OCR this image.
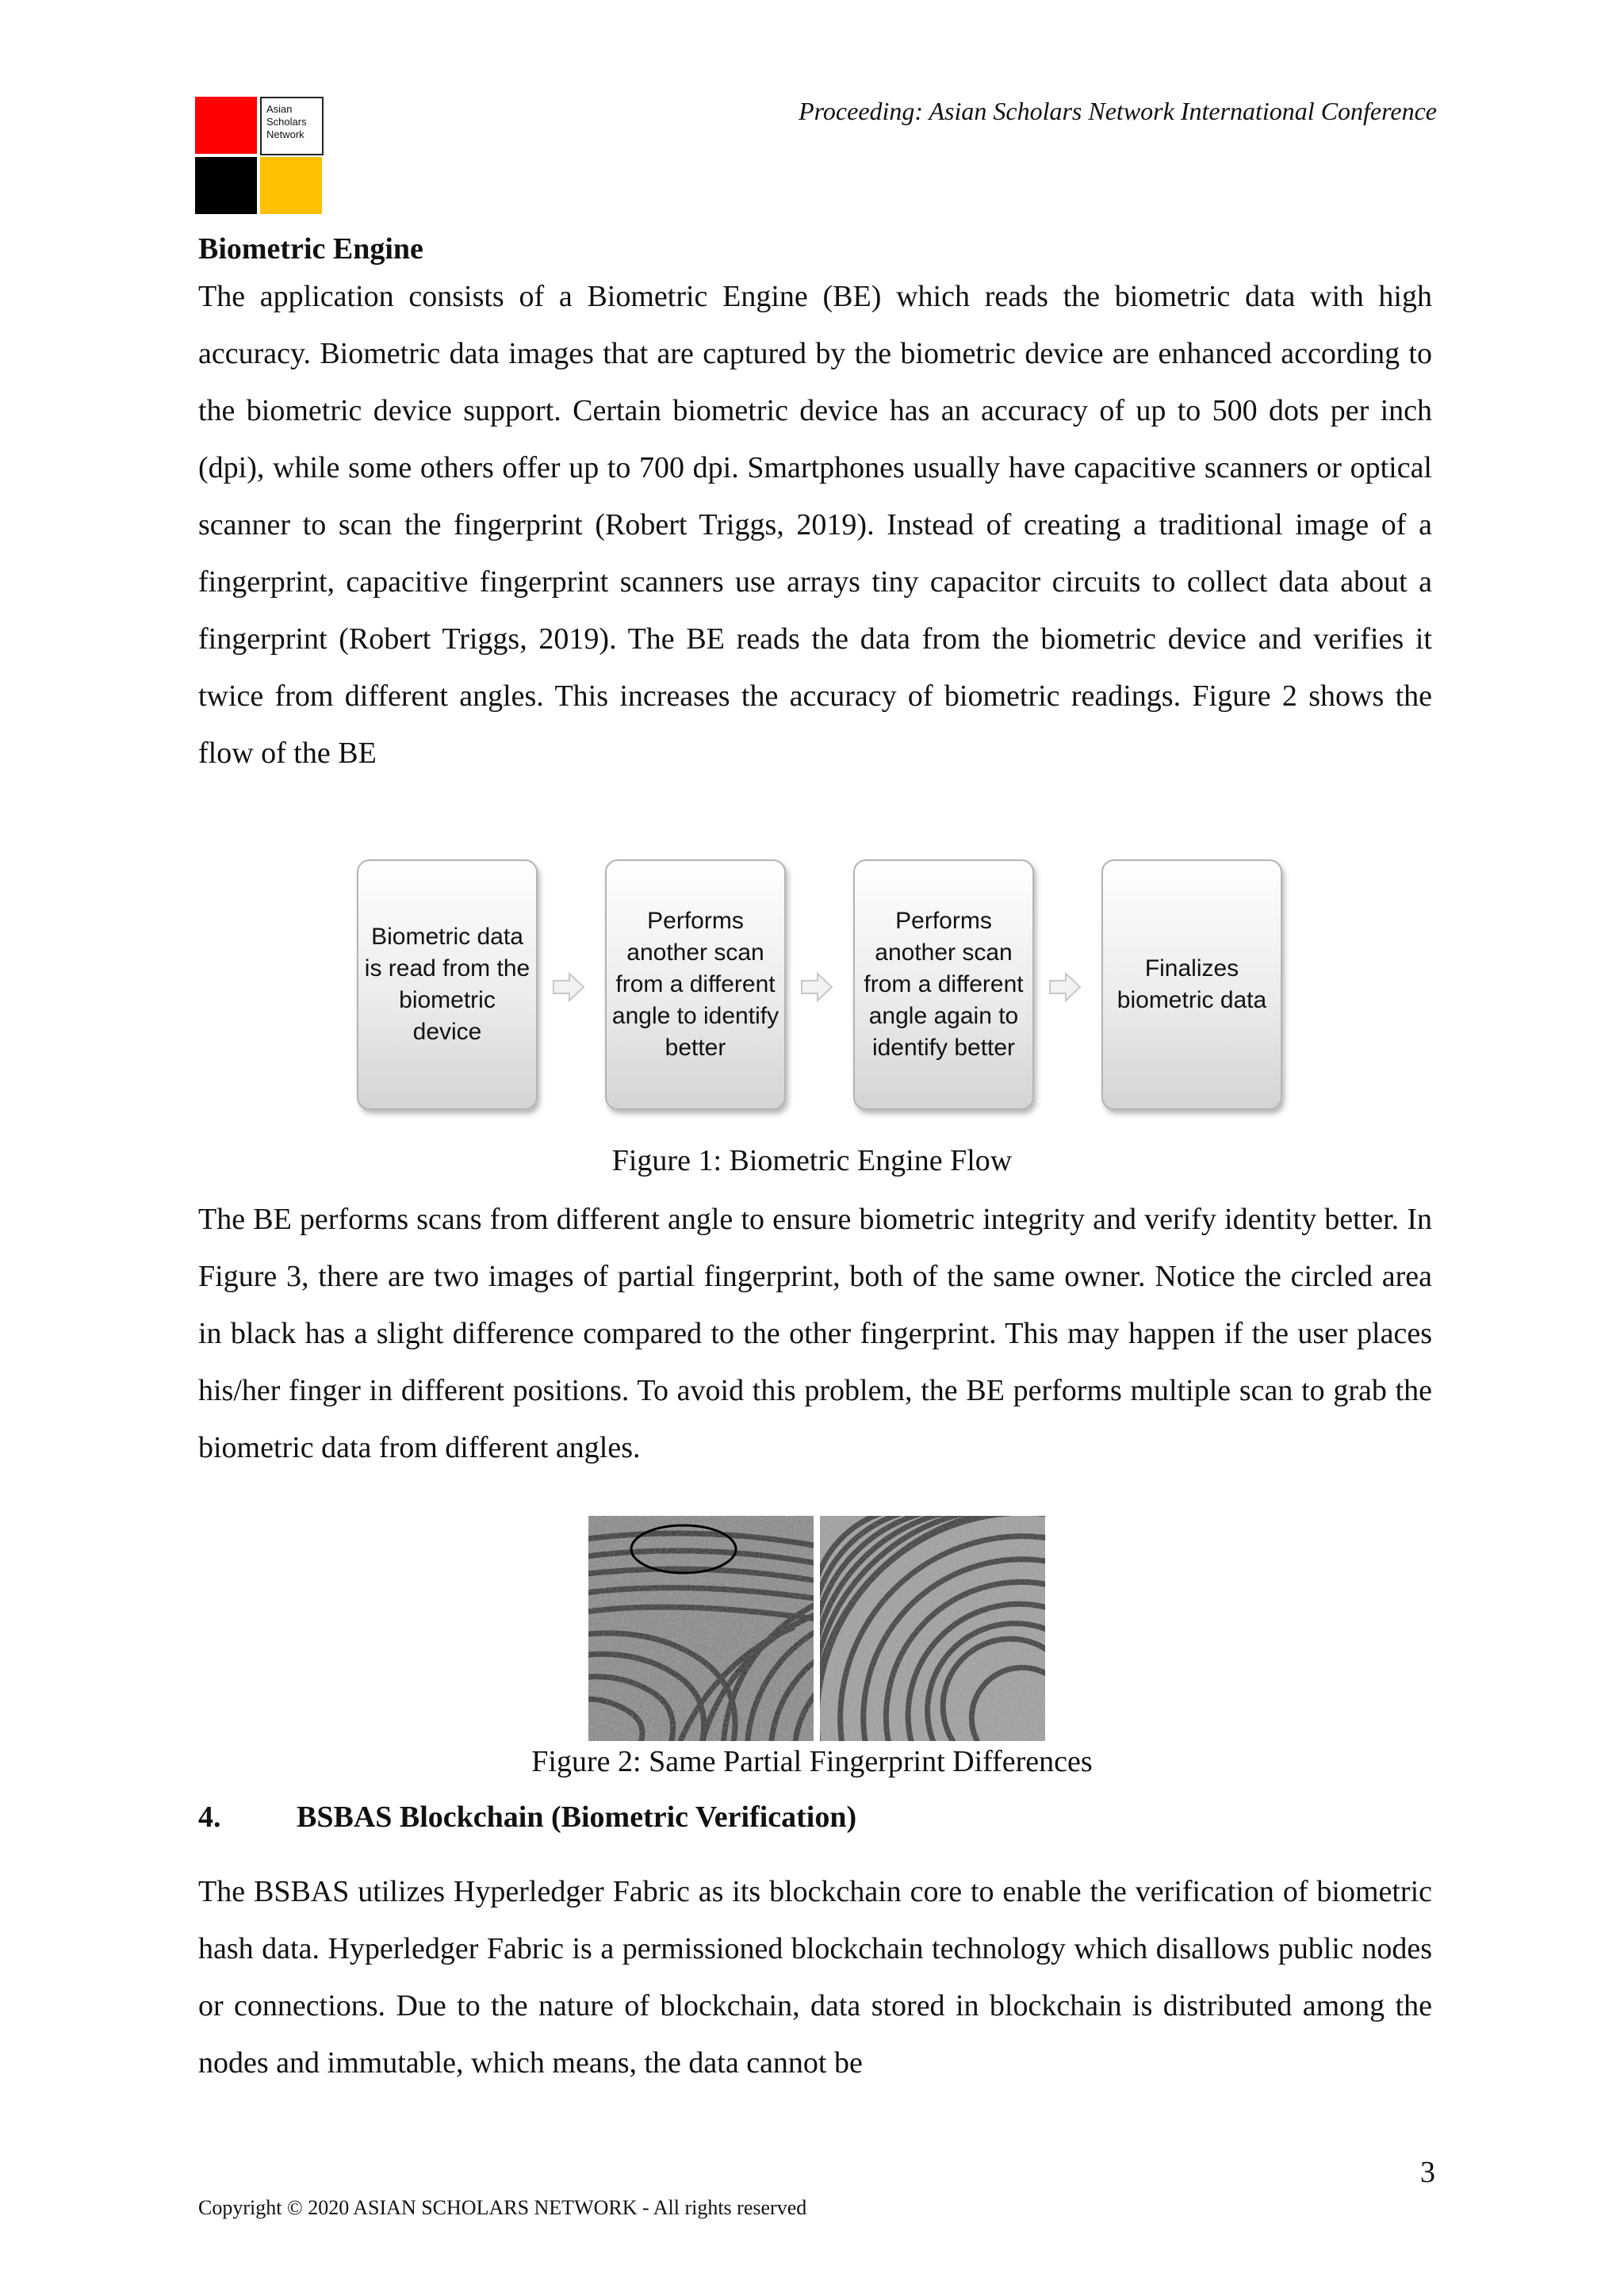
Asian
Scholars
Network
Proceeding: Asian Scholars Network International Conference
Biometric Engine

The application consists of a Biometric Engine (BE) which reads the biometric data with high accuracy. Biometric data images that are captured by the biometric device are enhanced according to the biometric device support. Certain biometric device has an accuracy of up to 500 dots per inch (dpi), while some others offer up to 700 dpi. Smartphones usually have capacitive scanners or optical scanner to scan the fingerprint (Robert Triggs, 2019). Instead of creating a traditional image of a fingerprint, capacitive fingerprint scanners use arrays tiny capacitor circuits to collect data about a fingerprint (Robert Triggs, 2019). The BE reads the data from the biometric device and verifies it twice from different angles. This increases the accuracy of biometric readings. Figure 2 shows the flow of the BE

Biometric data is read from the biometric device
Performs another scan from a different angle to identify better
Performs another scan from a different angle again to identify better
Finalizes biometric data
Figure 1: Biometric Engine Flow

The BE performs scans from different angle to ensure biometric integrity and verify identity better. In Figure 3, there are two images of partial fingerprint, both of the same owner. Notice the circled area in black has a slight difference compared to the other fingerprint. This may happen if the user places his/her finger in different positions. To avoid this problem, the BE performs multiple scan to grab the biometric data from different angles.

Figure 2: Same Partial Fingerprint Differences
4.	BSBAS Blockchain (Biometric Verification)

The BSBAS utilizes Hyperledger Fabric as its blockchain core to enable the verification of biometric hash data. Hyperledger Fabric is a permissioned blockchain technology which disallows public nodes or connections. Due to the nature of blockchain, data stored in blockchain is distributed among the nodes and immutable, which means, the data cannot be

3
Copyright © 2020 ASIAN SCHOLARS NETWORK - All rights reserved
